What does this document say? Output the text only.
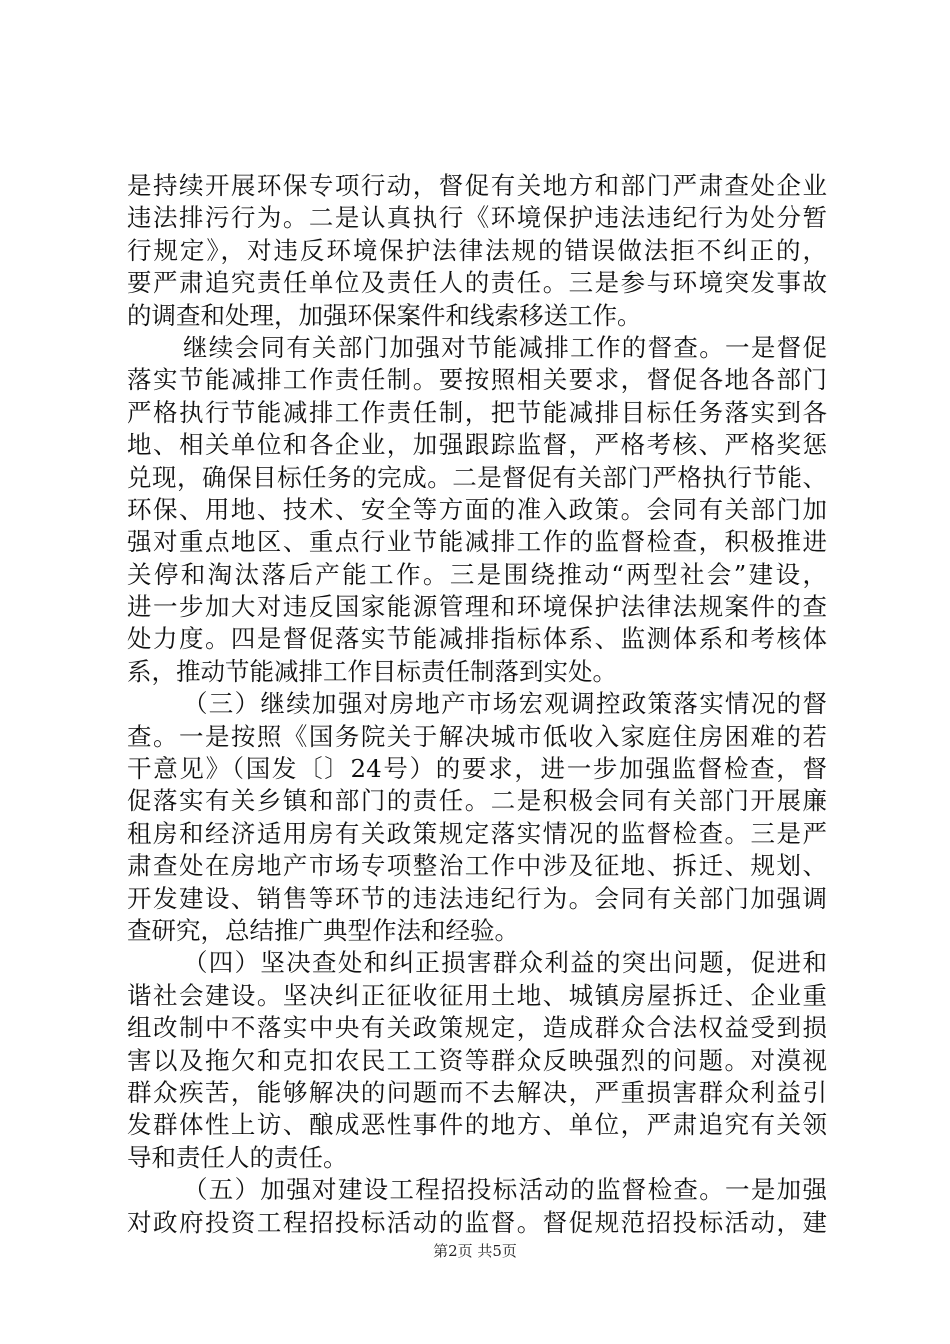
是持续开展环保专项行动，督促有关地方和部门严肃查处企业
违法排污行为。二是认真执行《环境保护违法违纪行为处分暂
行规定》，对违反环境保护法律法规的错误做法拒不纠正的，
要严肃追究责任单位及责任人的责任。三是参与环境突发事故
的调查和处理，加强环保案件和线索移送工作。
继续会同有关部门加强对节能减排工作的督查。一是督促
落实节能减排工作责任制。要按照相关要求，督促各地各部门
严格执行节能减排工作责任制，把节能减排目标任务落实到各
地、相关单位和各企业，加强跟踪监督，严格考核、严格奖惩
兑现，确保目标任务的完成。二是督促有关部门严格执行节能、
环保、用地、技术、安全等方面的准入政策。会同有关部门加
强对重点地区、重点行业节能减排工作的监督检查，积极推进
关停和淘汰落后产能工作。三是围绕推动“两型社会”建设，
进一步加大对违反国家能源管理和环境保护法律法规案件的查
处力度。四是督促落实节能减排指标体系、监测体系和考核体
系，推动节能减排工作目标责任制落到实处。
（三）继续加强对房地产市场宏观调控政策落实情况的督
查。一是按照《国务院关于解决城市低收入家庭住房困难的若
干意见》（国发〔〕24号）的要求，进一步加强监督检查，督
促落实有关乡镇和部门的责任。二是积极会同有关部门开展廉
租房和经济适用房有关政策规定落实情况的监督检查。三是严
肃查处在房地产市场专项整治工作中涉及征地、拆迁、规划、
开发建设、销售等环节的违法违纪行为。会同有关部门加强调
查研究，总结推广典型作法和经验。
（四）坚决查处和纠正损害群众利益的突出问题，促进和
谐社会建设。坚决纠正征收征用土地、城镇房屋拆迁、企业重
组改制中不落实中央有关政策规定，造成群众合法权益受到损
害以及拖欠和克扣农民工工资等群众反映强烈的问题。对漠视
群众疾苦，能够解决的问题而不去解决，严重损害群众利益引
发群体性上访、酿成恶性事件的地方、单位，严肃追究有关领
导和责任人的责任。
（五）加强对建设工程招投标活动的监督检查。一是加强
对政府投资工程招投标活动的监督。督促规范招投标活动，建
第2页 共5页
